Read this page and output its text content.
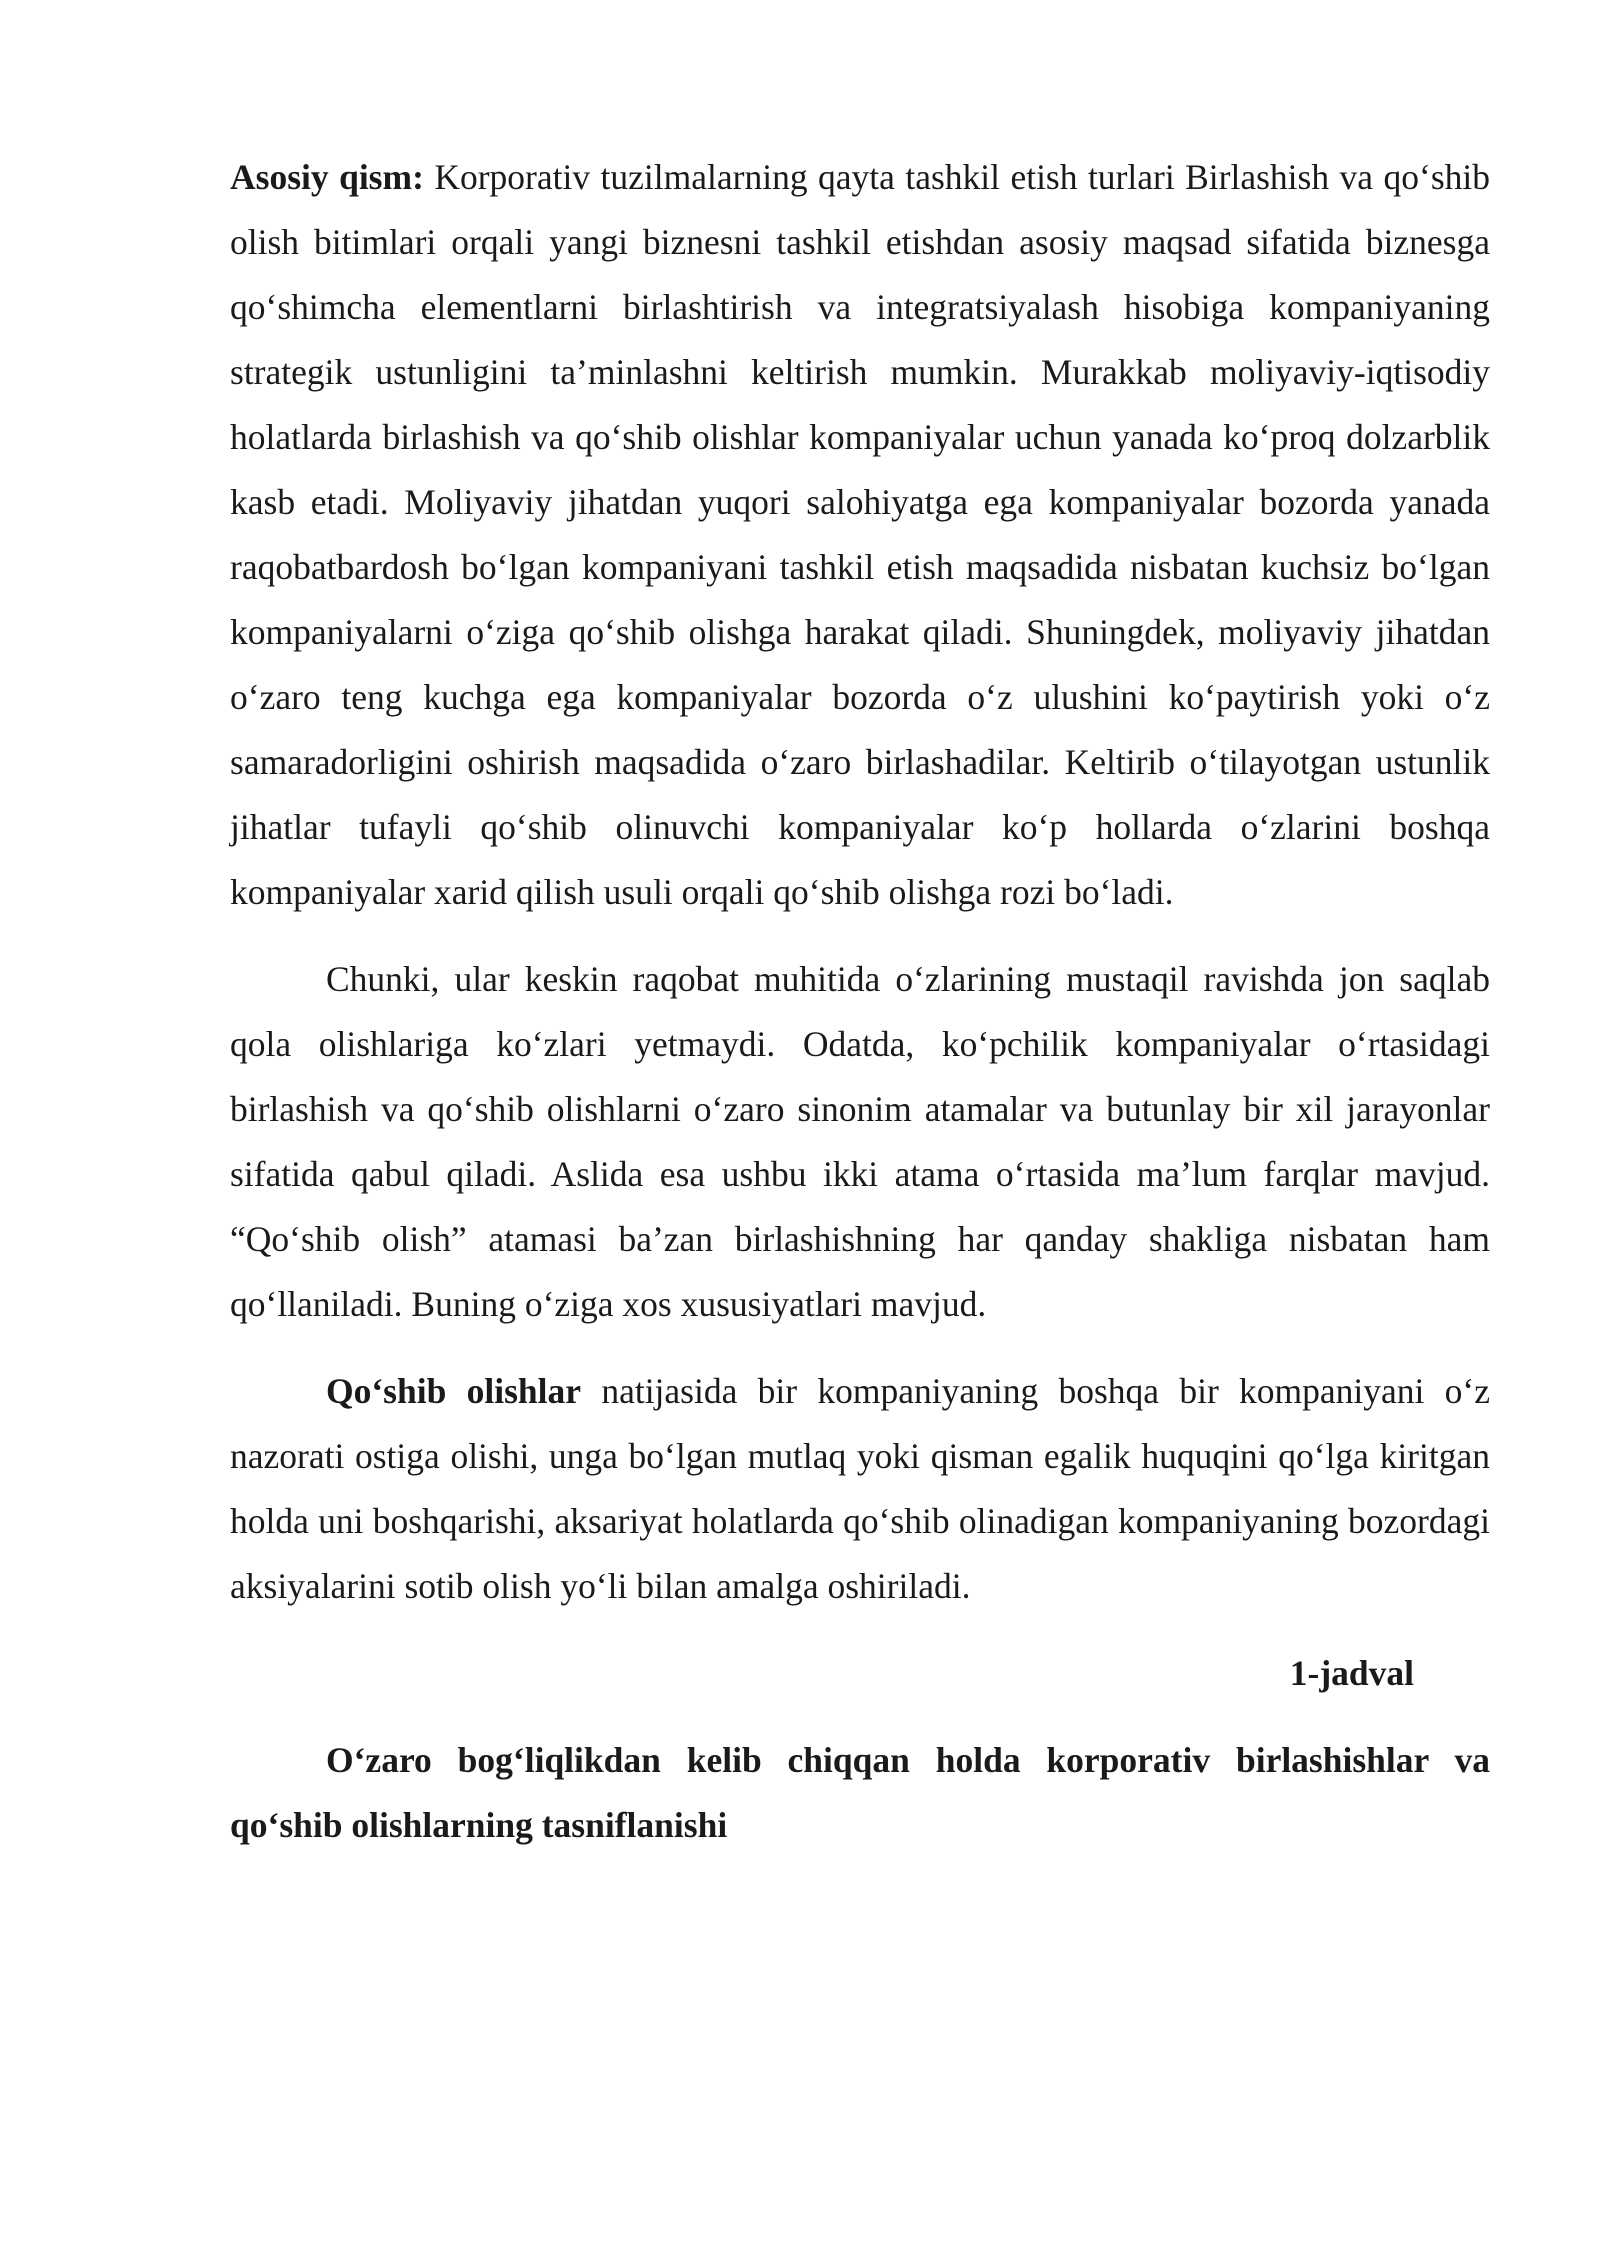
Asosiy qism: Korporativ tuzilmalarning qayta tashkil etish turlari Birlashish va qo‘shib olish bitimlari orqali yangi biznesni tashkil etishdan asosiy maqsad sifatida biznesga qo‘shimcha elementlarni birlashtirish va integratsiyalash hisobiga kompaniyaning strategik ustunligini ta’minlashni keltirish mumkin. Murakkab moliyaviy-iqtisodiy holatlarda birlashish va qo‘shib olishlar kompaniyalar uchun yanada ko‘proq dolzarblik kasb etadi. Moliyaviy jihatdan yuqori salohiyatga ega kompaniyalar bozorda yanada raqobatbardosh bo‘lgan kompaniyani tashkil etish maqsadida nisbatan kuchsiz bo‘lgan kompaniyalarni o‘ziga qo‘shib olishga harakat qiladi. Shuningdek, moliyaviy jihatdan o‘zaro teng kuchga ega kompaniyalar bozorda o‘z ulushini ko‘paytirish yoki o‘z samaradorligini oshirish maqsadida o‘zaro birlashadilar. Keltirib o‘tilayotgan ustunlik jihatlar tufayli qo‘shib olinuvchi kompaniyalar ko‘p hollarda o‘zlarini boshqa kompaniyalar xarid qilish usuli orqali qo‘shib olishga rozi bo‘ladi.

Chunki, ular keskin raqobat muhitida o‘zlarining mustaqil ravishda jon saqlab qola olishlariga ko‘zlari yetmaydi. Odatda, ko‘pchilik kompaniyalar o‘rtasidagi birlashish va qo‘shib olishlarni o‘zaro sinonim atamalar va butunlay bir xil jarayonlar sifatida qabul qiladi. Aslida esa ushbu ikki atama o‘rtasida ma’lum farqlar mavjud. “Qo‘shib olish” atamasi ba’zan birlashishning har qanday shakliga nisbatan ham qo‘llaniladi. Buning o‘ziga xos xususiyatlari mavjud.

Qo‘shib olishlar natijasida bir kompaniyaning boshqa bir kompaniyani o‘z nazorati ostiga olishi, unga bo‘lgan mutlaq yoki qisman egalik huquqini qo‘lga kiritgan holda uni boshqarishi, aksariyat holatlarda qo‘shib olinadigan kompaniyaning bozordagi aksiyalarini sotib olish yo‘li bilan amalga oshiriladi.

1-jadval

O‘zaro bog‘liqlikdan kelib chiqqan holda korporativ birlashishlar va qo‘shib olishlarning tasniflanishi
